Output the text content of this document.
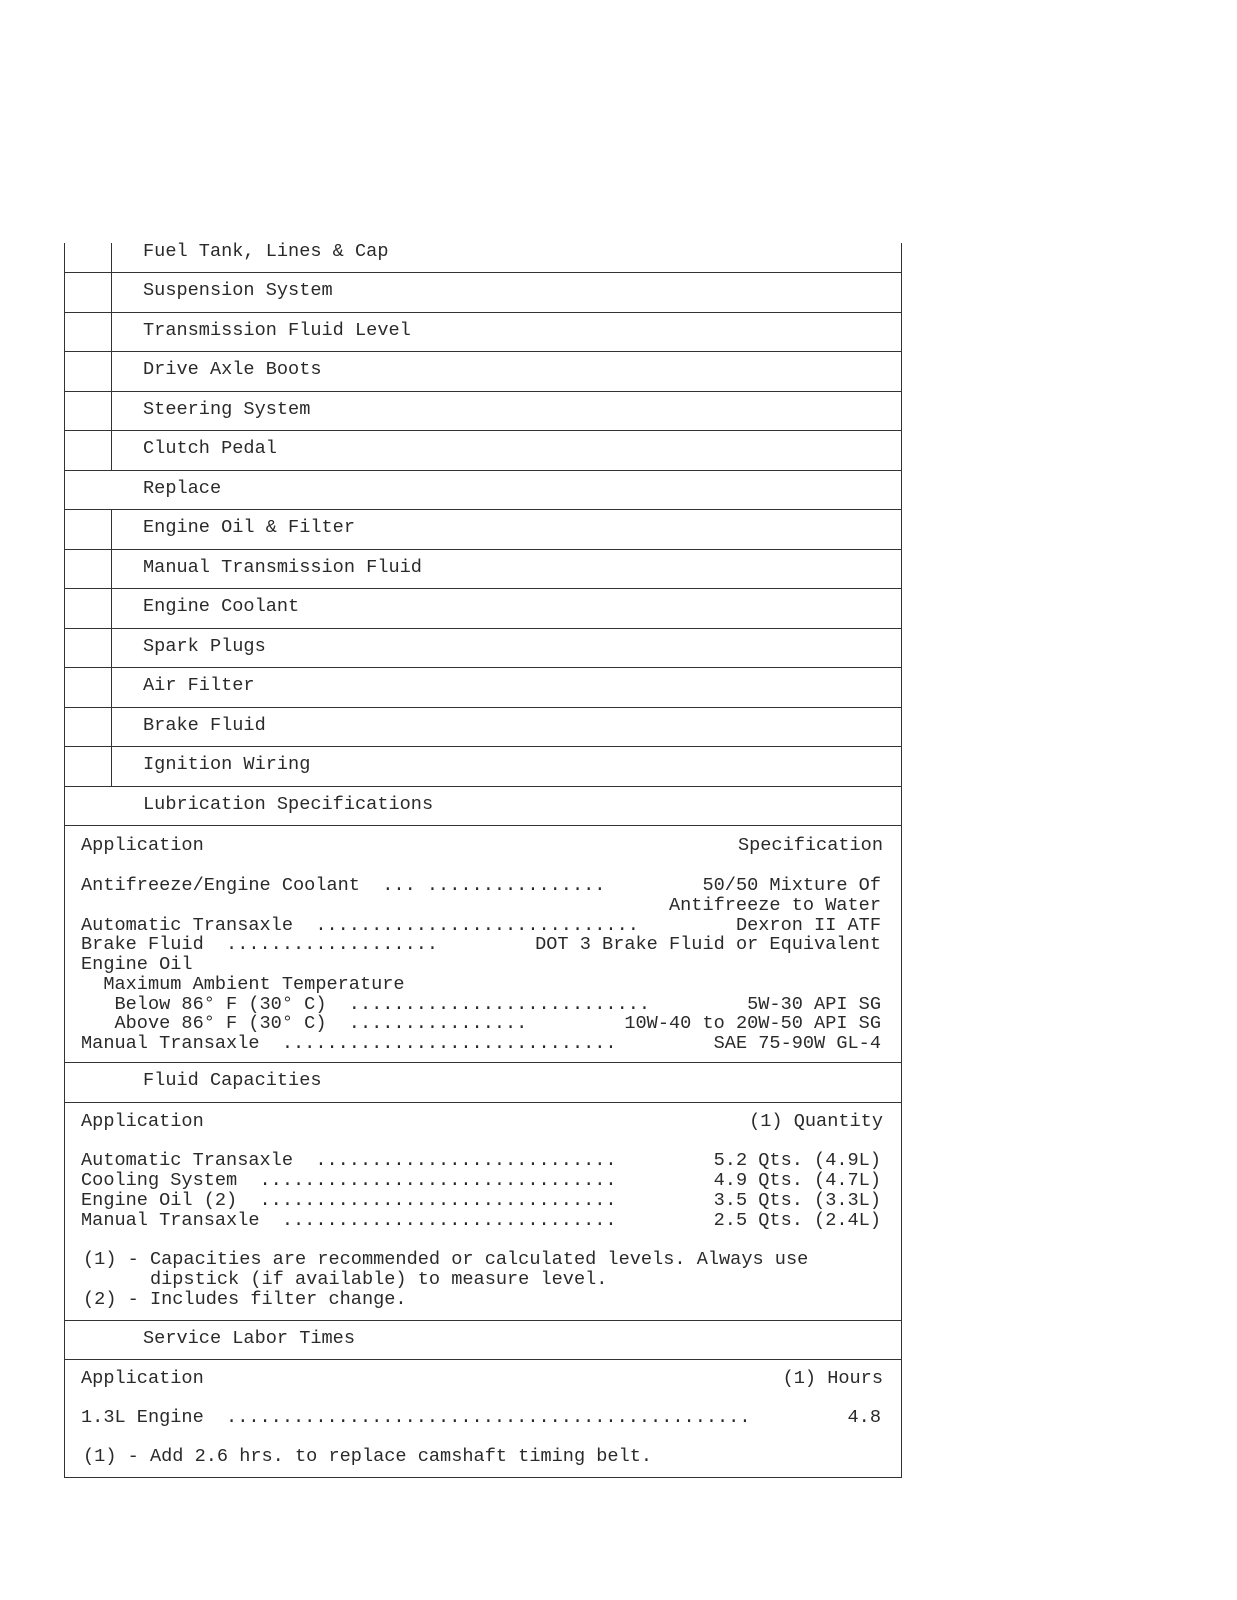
Fuel Tank, Lines & Cap
Suspension System
Transmission Fluid Level
Drive Axle Boots
Steering System
Clutch Pedal
Replace
Engine Oil & Filter
Manual Transmission Fluid
Engine Coolant
Spark Plugs
Air Filter
Brake Fluid
Ignition Wiring
Lubrication Specifications
Application	Specification
Antifreeze/Engine Coolant  ... ................	50/50 Mixture Of
Antifreeze to Water
Automatic Transaxle  .............................	Dexron II ATF
Brake Fluid  ...................	DOT 3 Brake Fluid or Equivalent
Engine Oil
Maximum Ambient Temperature
Below 86° F (30° C)  ...........................	5W-30 API SG
Above 86° F (30° C)  ................	10W-40 to 20W-50 API SG
Manual Transaxle  ..............................	SAE 75-90W GL-4
Fluid Capacities
Application	(1) Quantity
Automatic Transaxle  ...........................	5.2 Qts. (4.9L)
Cooling System  ................................	4.9 Qts. (4.7L)
Engine Oil (2)  ................................	3.5 Qts. (3.3L)
Manual Transaxle  ..............................	2.5 Qts. (2.4L)
(1) - Capacities are recommended or calculated levels. Always use
dipstick (if available) to measure level.
(2) - Includes filter change.
Service Labor Times
Application	(1) Hours
1.3L Engine  ...............................................	4.8
(1) - Add 2.6 hrs. to replace camshaft timing belt.
